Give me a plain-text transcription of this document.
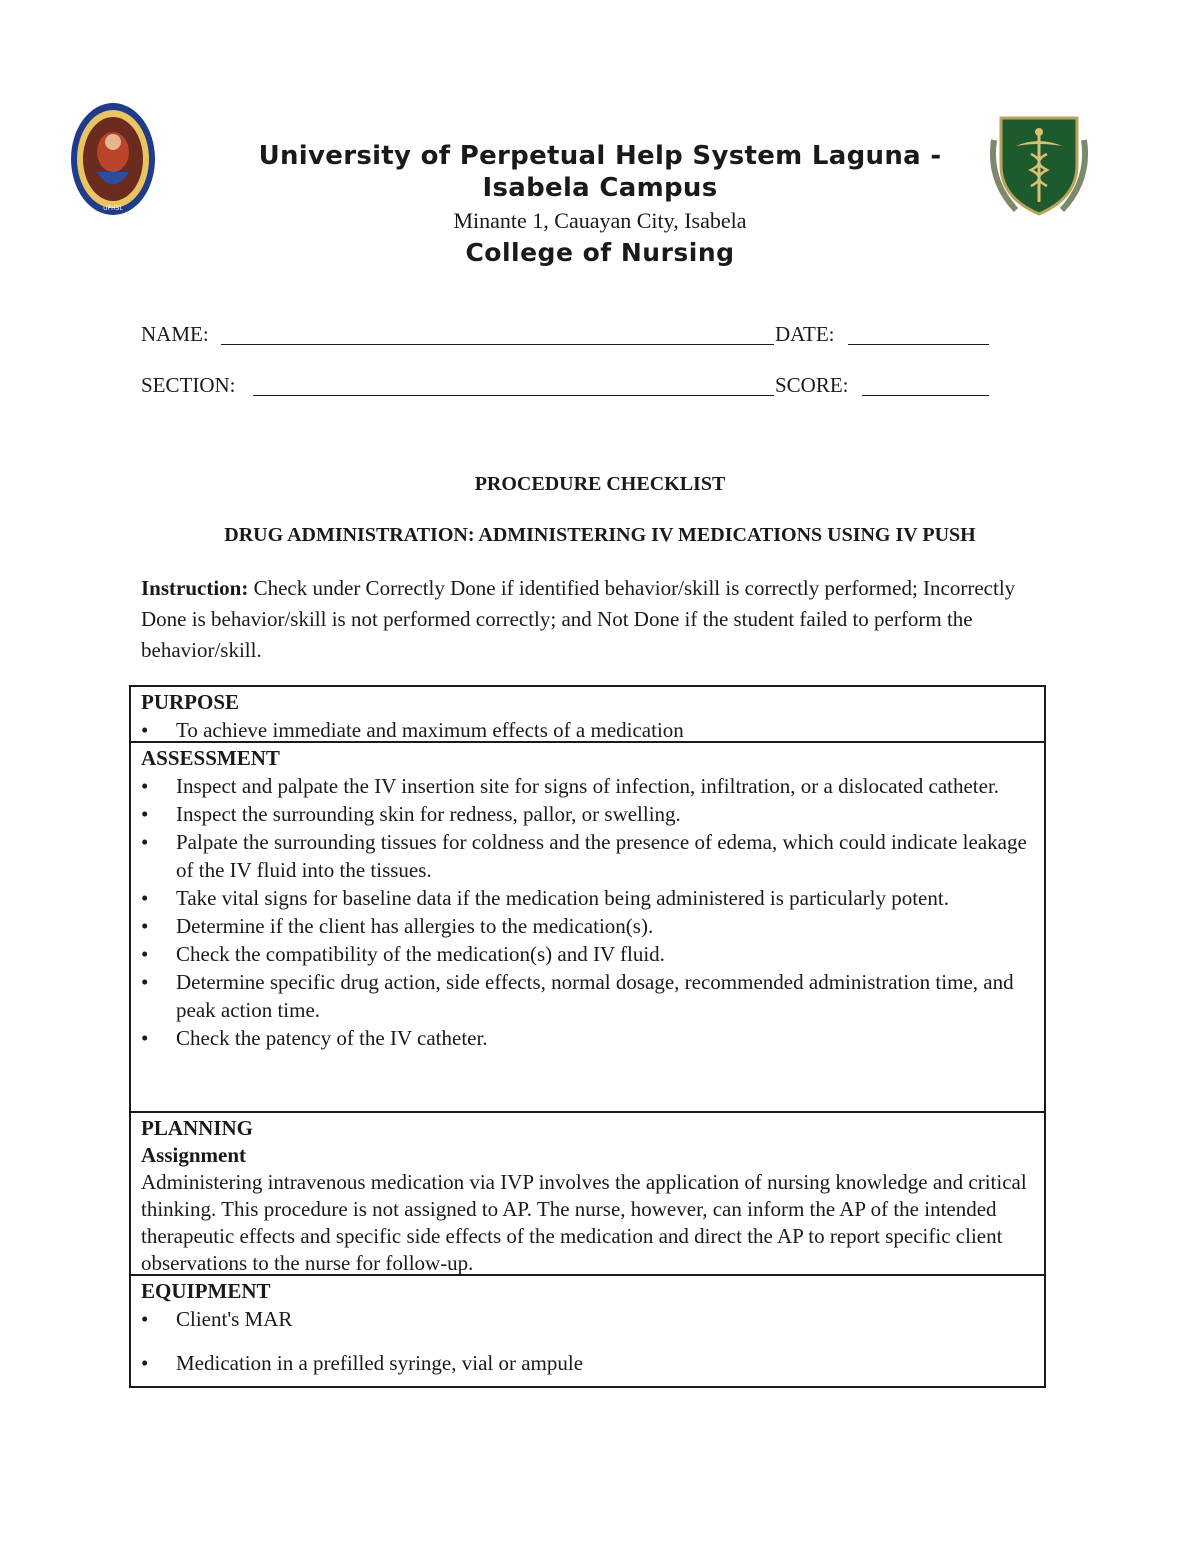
UPHSL
University of Perpetual Help System Laguna -
Isabela Campus
Minante 1, Cauayan City, Isabela
College of Nursing
NAME:	DATE:
SECTION:	SCORE:
PROCEDURE CHECKLIST
DRUG ADMINISTRATION: ADMINISTERING IV MEDICATIONS USING IV PUSH
Instruction: Check under Correctly Done if identified behavior/skill is correctly performed; Incorrectly Done is behavior/skill is not performed correctly; and Not Done if the student failed to perform the behavior/skill.
PURPOSE
•	To achieve immediate and maximum effects of a medication
ASSESSMENT
•	Inspect and palpate the IV insertion site for signs of infection, infiltration, or a dislocated catheter.
•	Inspect the surrounding skin for redness, pallor, or swelling.
•	Palpate the surrounding tissues for coldness and the presence of edema, which could indicate leakage of the IV fluid into the tissues.
•	Take vital signs for baseline data if the medication being administered is particularly potent.
•	Determine if the client has allergies to the medication(s).
•	Check the compatibility of the medication(s) and IV fluid.
•	Determine specific drug action, side effects, normal dosage, recommended administration time, and peak action time.
•	Check the patency of the IV catheter.
PLANNING
Assignment
Administering intravenous medication via IVP involves the application of nursing knowledge and critical thinking. This procedure is not assigned to AP. The nurse, however, can inform the AP of the intended therapeutic effects and specific side effects of the medication and direct the AP to report specific client observations to the nurse for follow-up.
EQUIPMENT
•	Client's MAR
•	Medication in a prefilled syringe, vial or ampule
